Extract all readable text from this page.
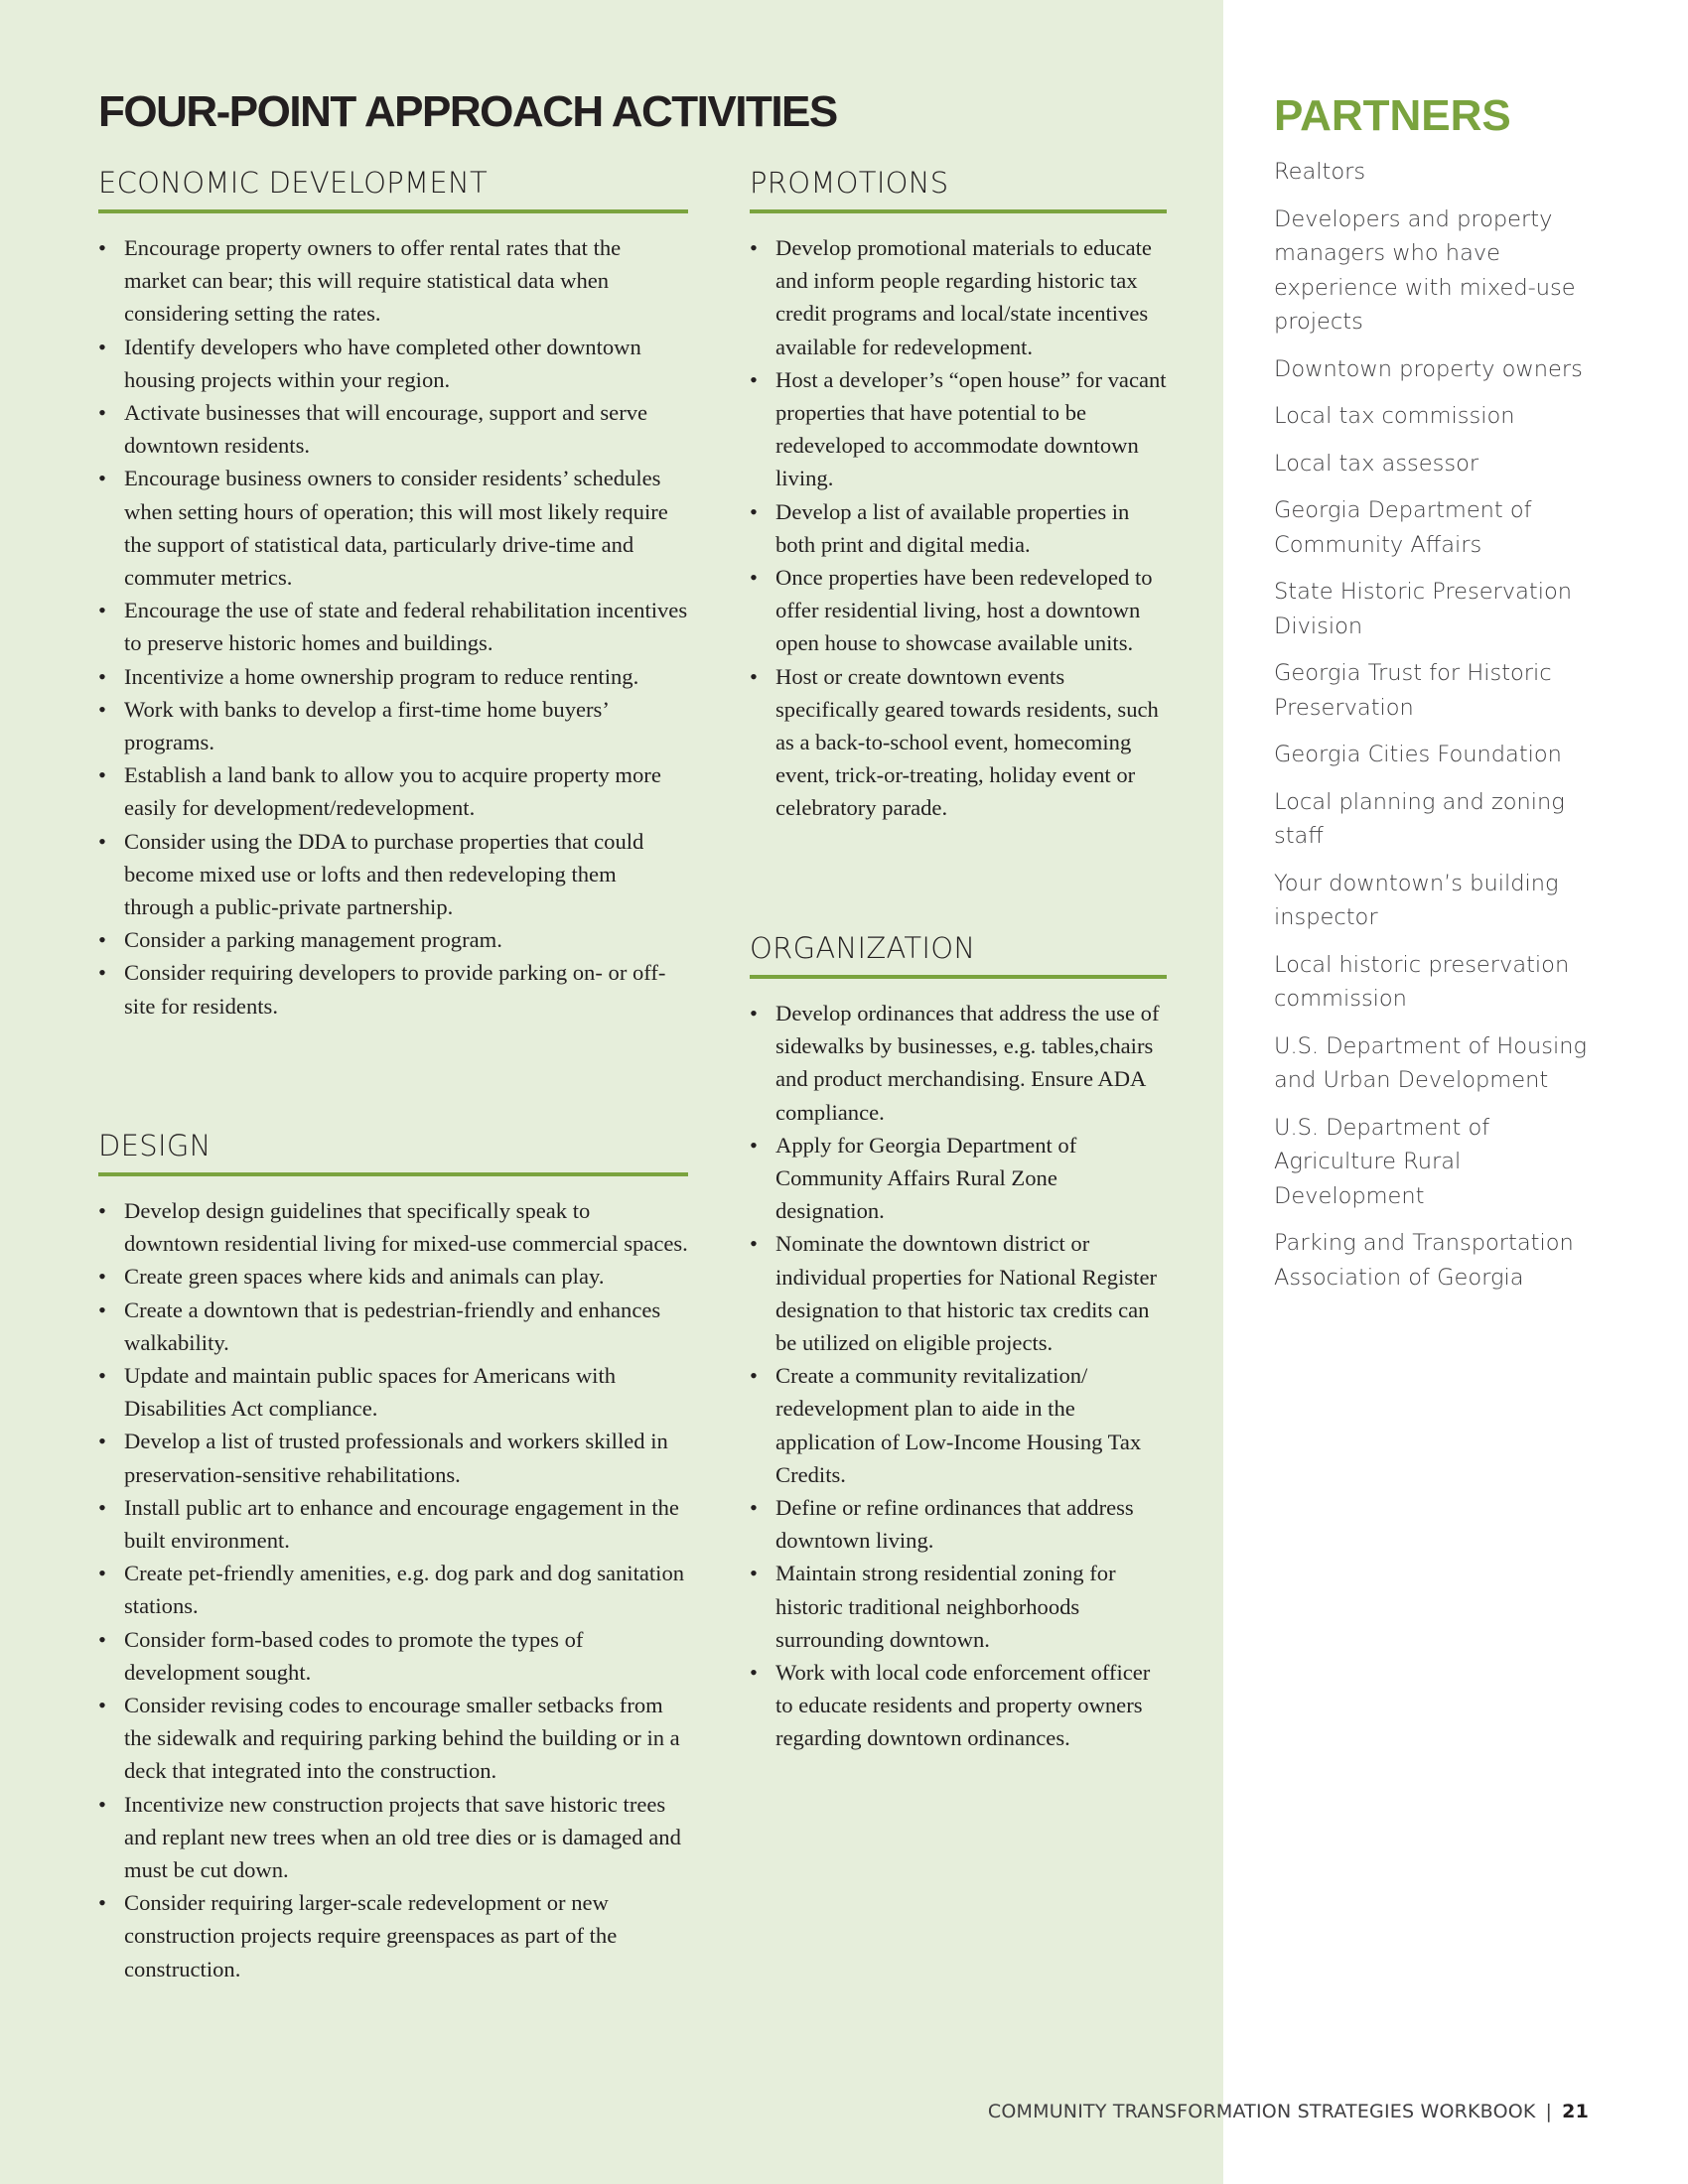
FOUR-POINT APPROACH ACTIVITIES
ECONOMIC DEVELOPMENT
• Encourage property owners to offer rental rates that the market can bear; this will require statistical data when considering setting the rates.
• Identify developers who have completed other downtown housing projects within your region.
• Activate businesses that will encourage, support and serve downtown residents.
• Encourage business owners to consider residents’ schedules when setting hours of operation; this will most likely require the support of statistical data, particularly drive-time and commuter metrics.
• Encourage the use of state and federal rehabilitation incentives to preserve historic homes and buildings.
• Incentivize a home ownership program to reduce renting.
• Work with banks to develop a first-time home buyers’ programs.
• Establish a land bank to allow you to acquire property more easily for development/redevelopment.
• Consider using the DDA to purchase properties that could become mixed use or lofts and then redeveloping them through a public-private partnership.
• Consider a parking management program.
• Consider requiring developers to provide parking on- or off-site for residents.
DESIGN
• Develop design guidelines that specifically speak to downtown residential living for mixed-use commercial spaces.
• Create green spaces where kids and animals can play.
• Create a downtown that is pedestrian-friendly and enhances walkability.
• Update and maintain public spaces for Americans with Disabilities Act compliance.
• Develop a list of trusted professionals and workers skilled in preservation-sensitive rehabilitations.
• Install public art to enhance and encourage engagement in the built environment.
• Create pet-friendly amenities, e.g. dog park and dog sanitation stations.
• Consider form-based codes to promote the types of development sought.
• Consider revising codes to encourage smaller setbacks from the sidewalk and requiring parking behind the building or in a deck that integrated into the construction.
• Incentivize new construction projects that save historic trees and replant new trees when an old tree dies or is damaged and must be cut down.
• Consider requiring larger-scale redevelopment or new construction projects require greenspaces as part of the construction.
PROMOTIONS
• Develop promotional materials to educate and inform people regarding historic tax credit programs and local/state incentives available for redevelopment.
• Host a developer’s “open house” for vacant properties that have potential to be redeveloped to accommodate downtown living.
• Develop a list of available properties in both print and digital media.
• Once properties have been redeveloped to offer residential living, host a downtown open house to showcase available units.
• Host or create downtown events specifically geared towards residents, such as a back-to-school event, homecoming event, trick-or-treating, holiday event or celebratory parade.
ORGANIZATION
• Develop ordinances that address the use of sidewalks by businesses, e.g. tables,chairs and product merchandising. Ensure ADA compliance.
• Apply for Georgia Department of Community Affairs Rural Zone designation.
• Nominate the downtown district or individual properties for National Register designation to that historic tax credits can be utilized on eligible projects.
• Create a community revitalization/ redevelopment plan to aide in the application of Low-Income Housing Tax Credits.
• Define or refine ordinances that address downtown living.
• Maintain strong residential zoning for historic traditional neighborhoods surrounding downtown.
• Work with local code enforcement officer to educate residents and property owners regarding downtown ordinances.
PARTNERS
Realtors
Developers and property managers who have experience with mixed-use projects
Downtown property owners
Local tax commission
Local tax assessor
Georgia Department of Community Affairs
State Historic Preservation Division
Georgia Trust for Historic Preservation
Georgia Cities Foundation
Local planning and zoning staff
Your downtown’s building inspector
Local historic preservation commission
U.S. Department of Housing and Urban Development
U.S. Department of Agriculture Rural Development
Parking and Transportation Association of Georgia
COMMUNITY TRANSFORMATION STRATEGIES WORKBOOK | 21
